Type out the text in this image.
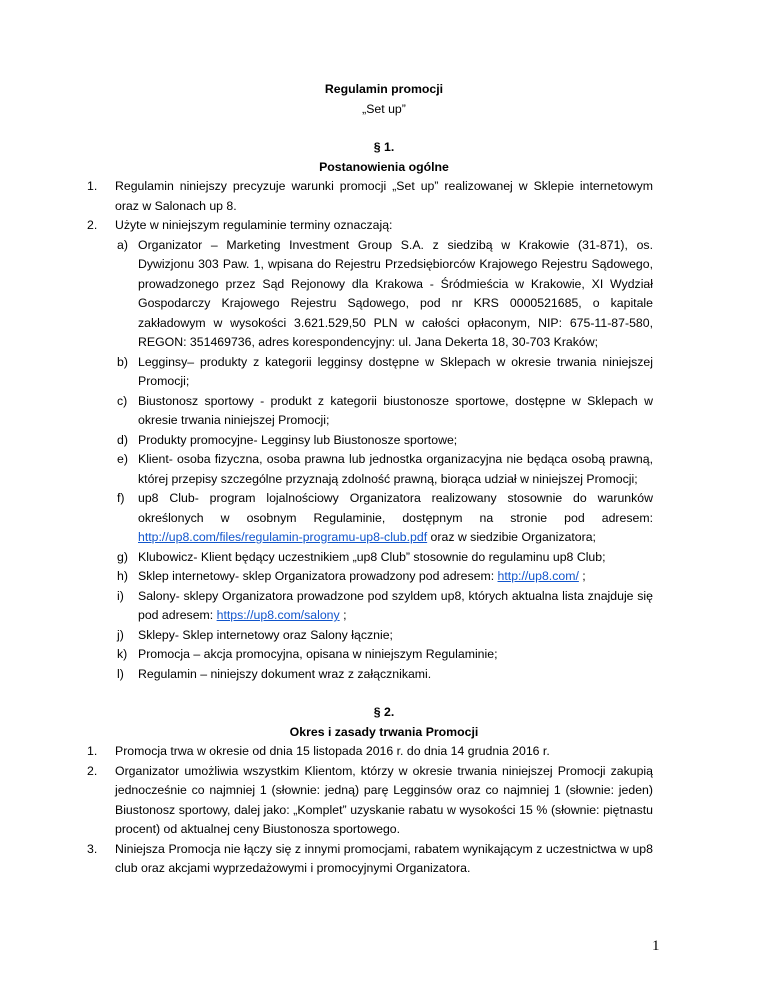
Regulamin promocji
„Set up”
§ 1.
Postanowienia ogólne
1. Regulamin niniejszy precyzuje warunki promocji „Set up” realizowanej w Sklepie internetowym oraz w Salonach up 8.
2. Użyte w niniejszym regulaminie terminy oznaczają:
a) Organizator – Marketing Investment Group S.A. z siedzibą w Krakowie (31-871), os. Dywizjonu 303 Paw. 1, wpisana do Rejestru Przedsiębiorców Krajowego Rejestru Sądowego, prowadzonego przez Sąd Rejonowy dla Krakowa - Śródmieścia w Krakowie, XI Wydział Gospodarczy Krajowego Rejestru Sądowego, pod nr KRS 0000521685, o kapitale zakładowym w wysokości 3.621.529,50 PLN w całości opłaconym, NIP: 675-11-87-580, REGON: 351469736, adres korespondencyjny: ul. Jana Dekerta 18, 30-703 Kraków;
b) Legginsy– produkty z kategorii legginsy dostępne w Sklepach w okresie trwania niniejszej Promocji;
c) Biustonosz sportowy - produkt z kategorii biustonosze sportowe, dostępne w Sklepach w okresie trwania niniejszej Promocji;
d) Produkty promocyjne- Legginsy lub Biustonosze sportowe;
e) Klient- osoba fizyczna, osoba prawna lub jednostka organizacyjna nie będąca osobą prawną, której przepisy szczególne przyznają zdolność prawną, biorąca udział w niniejszej Promocji;
f) up8 Club- program lojalnościowy Organizatora realizowany stosownie do warunków określonych w osobnym Regulaminie, dostępnym na stronie pod adresem:
http://up8.com/files/regulamin-programu-up8-club.pdf oraz w siedzibie Organizatora;
g) Klubowicz- Klient będący uczestnikiem „up8 Club” stosownie do regulaminu up8 Club;
h) Sklep internetowy- sklep Organizatora prowadzony pod adresem: http://up8.com/ ;
i) Salony- sklepy Organizatora prowadzone pod szyldem up8, których aktualna lista znajduje się pod adresem: https://up8.com/salony ;
j) Sklepy- Sklep internetowy oraz Salony łącznie;
k) Promocja – akcja promocyjna, opisana w niniejszym Regulaminie;
l) Regulamin – niniejszy dokument wraz z załącznikami.
§ 2.
Okres i zasady trwania Promocji
1. Promocja trwa w okresie od dnia 15 listopada 2016 r. do dnia 14 grudnia 2016 r.
2. Organizator umożliwia wszystkim Klientom, którzy w okresie trwania niniejszej Promocji zakupią jednocześnie co najmniej 1 (słownie: jedną) parę Legginsów oraz co najmniej 1 (słownie: jeden) Biustonosz sportowy, dalej jako: „Komplet” uzyskanie rabatu w wysokości 15 % (słownie: piętnastu procent) od aktualnej ceny Biustonosza sportowego.
3. Niniejsza Promocja nie łączy się z innymi promocjami, rabatem wynikającym z uczestnictwa w up8 club oraz akcjami wyprzedażowymi i promocyjnymi Organizatora.
1
